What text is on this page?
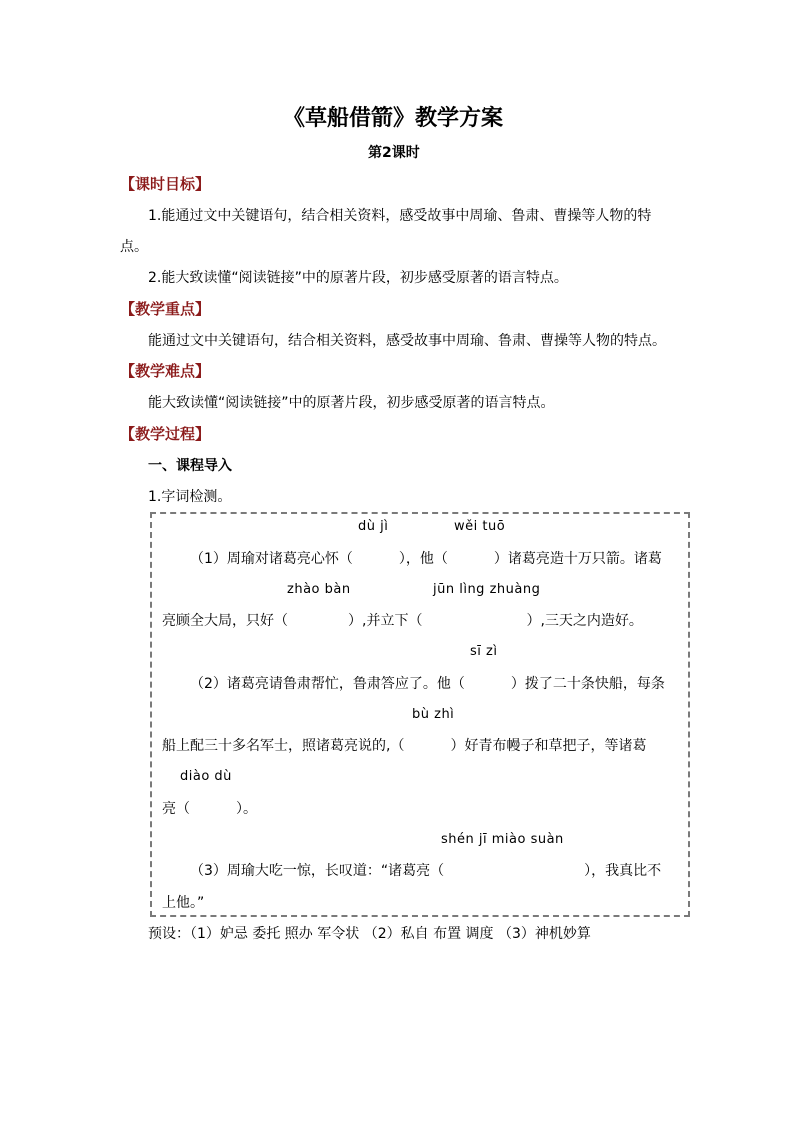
《草船借箭》教学方案
第2课时
【课时目标】
1.能通过文中关键语句，结合相关资料，感受故事中周瑜、鲁肃、曹操等人物的特
点。
2.能大致读懂“阅读链接”中的原著片段，初步感受原著的语言特点。
【教学重点】
能通过文中关键语句，结合相关资料，感受故事中周瑜、鲁肃、曹操等人物的特点。
【教学难点】
能大致读懂“阅读链接”中的原著片段，初步感受原著的语言特点。
【教学过程】
一、课程导入
1.字词检测。
dù jì	wěi tuō
（1）周瑜对诸葛亮心怀（	），他（	）诸葛亮造十万只箭。诸葛
zhào bàn	jūn lìng zhuàng
亮顾全大局，只好（	）,并立下（	）,三天之内造好。
sī zì
（2）诸葛亮请鲁肃帮忙，鲁肃答应了。他（	）拨了二十条快船，每条
bù zhì
船上配三十多名军士，照诸葛亮说的,（	）好青布幔子和草把子，等诸葛
diào dù
亮（	）。
shén jī miào suàn
（3）周瑜大吃一惊，长叹道：“诸葛亮（	），我真比不
上他。”
预设：（1）妒忌 委托 照办 军令状 （2）私自 布置 调度 （3）神机妙算
